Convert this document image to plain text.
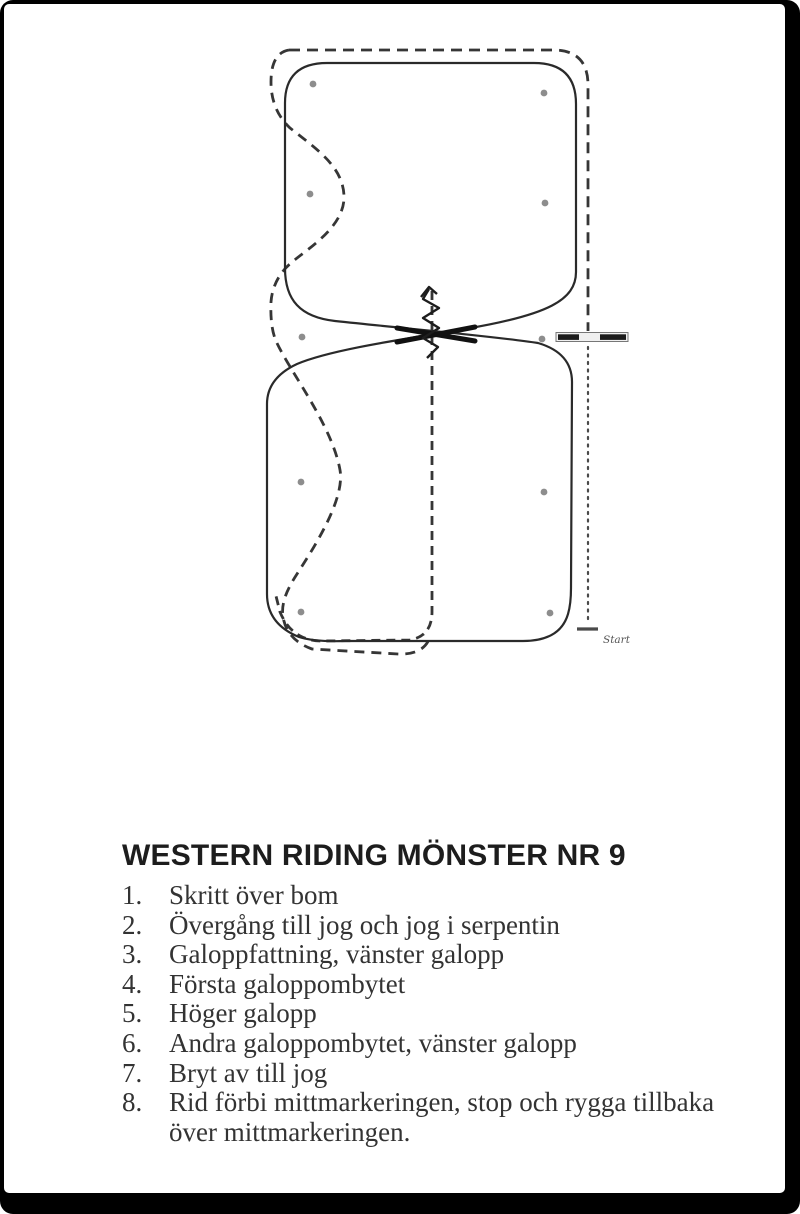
Start
WESTERN RIDING MÖNSTER NR 9
1. Skritt över bom
2. Övergång till jog och jog i serpentin
3. Galoppfattning, vänster galopp
4. Första galoppombytet
5. Höger galopp
6. Andra galoppombytet, vänster galopp
7. Bryt av till jog
8. Rid förbi mittmarkeringen, stop och rygga tillbaka
över mittmarkeringen.
